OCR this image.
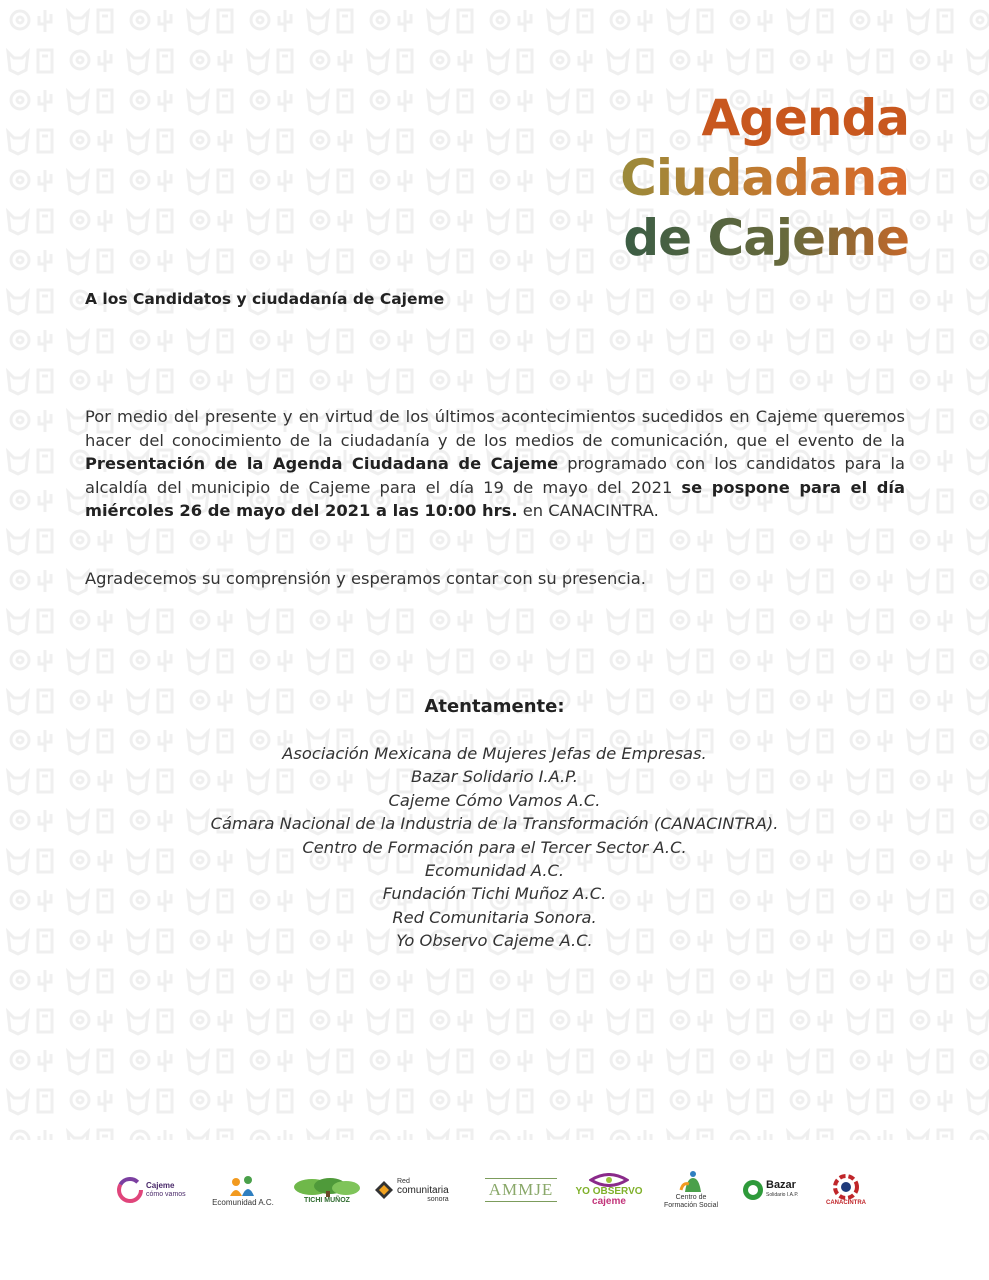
Agenda
Ciudadana
de Cajeme
A los Candidatos y ciudadanía de Cajeme
Por medio del presente y en virtud de los últimos acontecimientos sucedidos en Cajeme queremos hacer del conocimiento de la ciudadanía y de los medios de comunicación, que el evento de la Presentación de la Agenda Ciudadana de Cajeme programado con los candidatos para la alcaldía del municipio de Cajeme para el día 19 de mayo del 2021 se pospone para el día miércoles 26 de mayo del 2021 a las 10:00 hrs. en CANACINTRA.
Agradecemos su comprensión y esperamos contar con su presencia.
Atentamente:
Asociación Mexicana de Mujeres Jefas de Empresas.
Bazar Solidario I.A.P.
Cajeme Cómo Vamos A.C.
Cámara Nacional de la Industria de la Transformación (CANACINTRA).
Centro de Formación para el Tercer Sector A.C.
Ecomunidad A.C.
Fundación Tichi Muñoz A.C.
Red Comunitaria Sonora.
Yo Observo Cajeme A.C.
Cajeme
cómo vamos
Ecomunidad A.C.	TICHI MUÑOZ
Red
comunitaria
sonora AMMJE YO OBSERVO
cajeme	Centro de
Formación Social
Bazar
Solidario I.A.P.
CANACINTRA
